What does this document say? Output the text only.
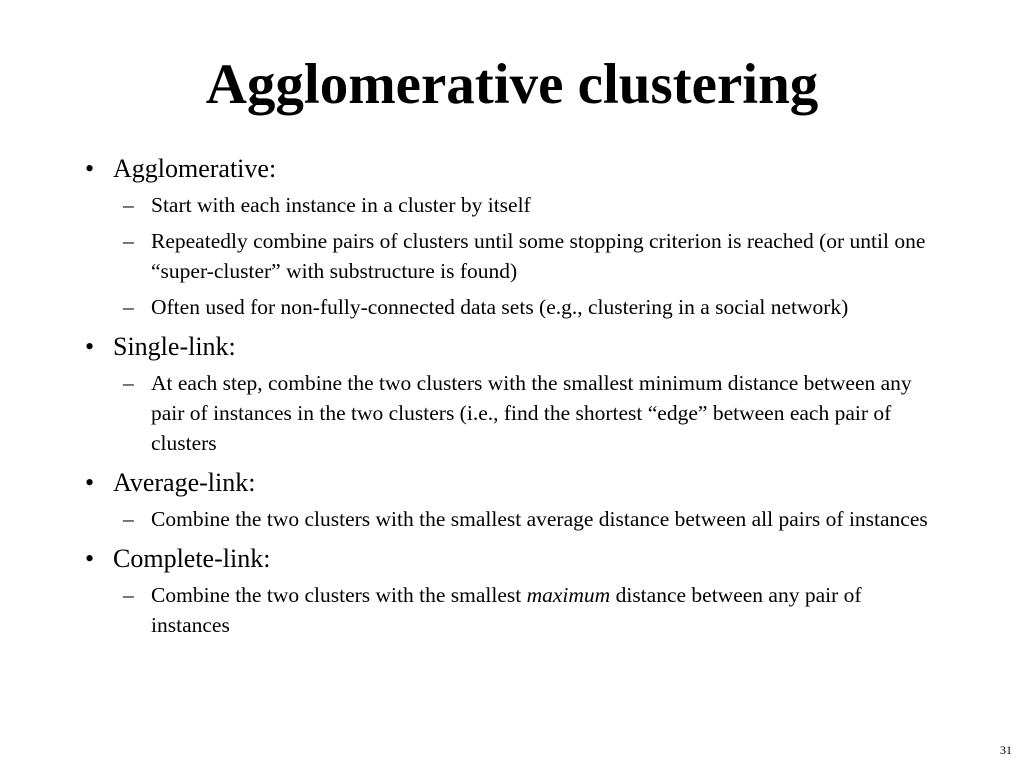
Agglomerative clustering
• Agglomerative:
– Start with each instance in a cluster by itself
– Repeatedly combine pairs of clusters until some stopping criterion is reached (or until one “super-cluster” with substructure is found)
– Often used for non-fully-connected data sets (e.g., clustering in a social network)
• Single-link:
– At each step, combine the two clusters with the smallest minimum distance between any pair of instances in the two clusters (i.e., find the shortest “edge” between each pair of clusters
• Average-link:
– Combine the two clusters with the smallest average distance between all pairs of instances
• Complete-link:
– Combine the two clusters with the smallest maximum distance between any pair of instances
31
